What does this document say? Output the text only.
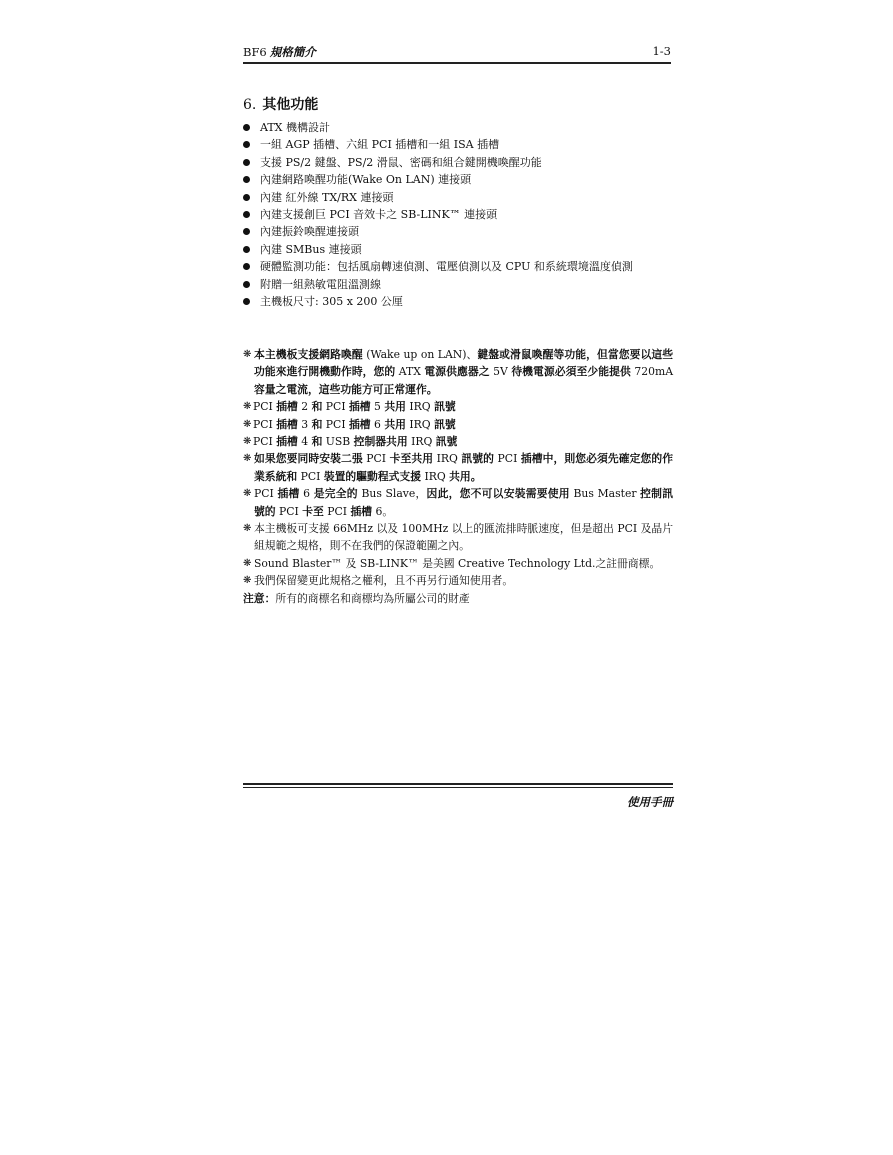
BF6 規格簡介	1-3
6. 其他功能
ATX 機構設計
一組 AGP 插槽、六組 PCI 插槽和一組 ISA 插槽
支援 PS/2 鍵盤、PS/2 滑鼠、密碼和組合鍵開機喚醒功能
內建網路喚醒功能(Wake On LAN) 連接頭
內建 紅外線 TX/RX 連接頭
內建支援創巨 PCI 音效卡之 SB-LINK™ 連接頭
內建振鈴喚醒連接頭
內建 SMBus 連接頭
硬體監測功能：包括風扇轉速偵測、電壓偵測以及 CPU 和系統環境溫度偵測
附贈一組熱敏電阻溫測線
主機板尺寸: 305 x 200 公厘
❋ 本主機板支援網路喚醒 (Wake up on LAN)、鍵盤或滑鼠喚醒等功能，但當您要以這些功能來進行開機動作時，您的 ATX 電源供應器之 5V 待機電源必須至少能提供 720mA 容量之電流，這些功能方可正常運作。
❋ PCI 插槽 2 和 PCI 插槽 5 共用 IRQ 訊號
❋ PCI 插槽 3 和 PCI 插槽 6 共用 IRQ 訊號
❋ PCI 插槽 4 和 USB 控制器共用 IRQ 訊號
❋ 如果您要同時安裝二張 PCI 卡至共用 IRQ 訊號的 PCI 插槽中，則您必須先確定您的作業系統和 PCI 裝置的驅動程式支援 IRQ 共用。
❋ PCI 插槽 6 是完全的 Bus Slave，因此，您不可以安裝需要使用 Bus Master 控制訊號的 PCI 卡至 PCI 插槽 6。
❋ 本主機板可支援 66MHz 以及 100MHz 以上的匯流排時脈速度，但是超出 PCI 及晶片組規範之規格，則不在我們的保證範圍之內。
❋ Sound Blaster™ 及 SB-LINK™ 是美國 Creative Technology Ltd.之註冊商標。
❋ 我們保留變更此規格之權利，且不再另行通知使用者。
注意：所有的商標名和商標均為所屬公司的財產
使用手冊
